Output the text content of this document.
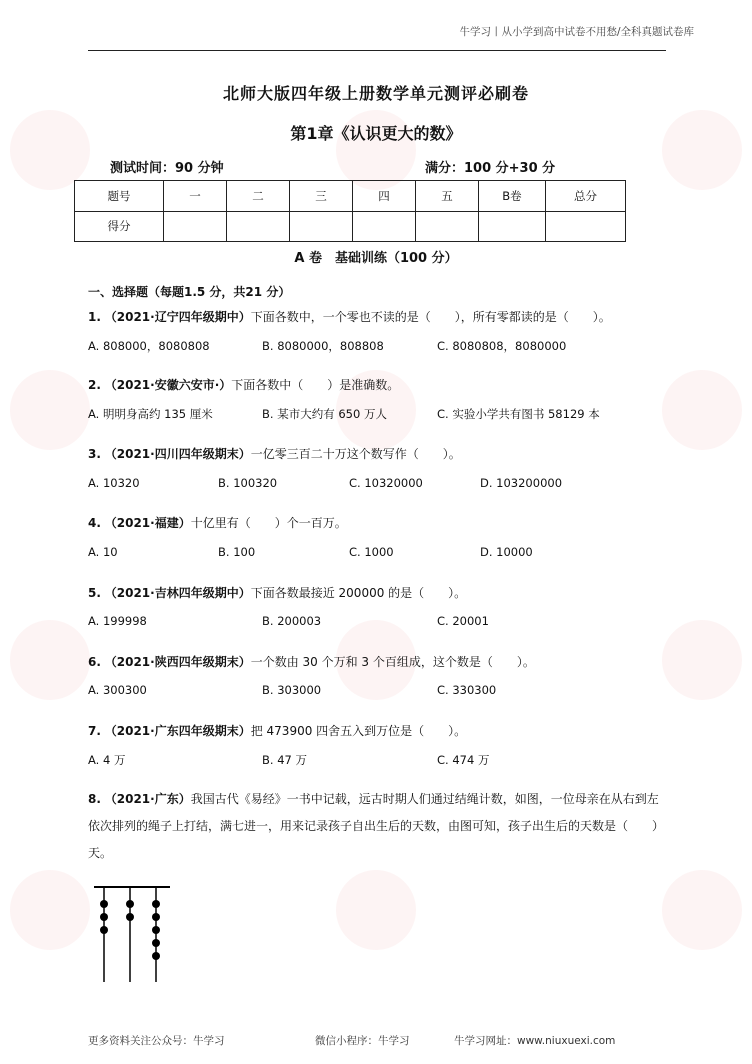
牛学习丨从小学到高中试卷不用愁/全科真题试卷库
北师大版四年级上册数学单元测评必刷卷
第1章《认识更大的数》
测试时间：90 分钟	满分：100 分+30 分
题号	一	二	三	四	五	B卷	总分
得分							
A 卷　基础训练（100 分）
一、选择题（每题1.5 分，共21 分）
1. （2021·辽宁四年级期中）下面各数中，一个零也不读的是（　　），所有零都读的是（　　）。
A. 808000，8080808	B. 8080000，808808	C. 8080808，8080000
2. （2021·安徽六安市·）下面各数中（　　）是准确数。
A. 明明身高约 135 厘米	B. 某市大约有 650 万人	C. 实验小学共有图书 58129 本
3. （2021·四川四年级期末）一亿零三百二十万这个数写作（　　）。
A. 10320	B. 100320	C. 10320000	D. 103200000
4. （2021·福建）十亿里有（　　）个一百万。
A. 10	B. 100	C. 1000	D. 10000
5. （2021·吉林四年级期中）下面各数最接近 200000 的是（　　）。
A. 199998	B. 200003	C. 20001
6. （2021·陕西四年级期末）一个数由 30 个万和 3 个百组成，这个数是（　　）。
A. 300300	B. 303000	C. 330300
7. （2021·广东四年级期末）把 473900 四舍五入到万位是（　　）。
A. 4 万	B. 47 万	C. 474 万
8. （2021·广东）我国古代《易经》一书中记载，远古时期人们通过结绳计数，如图，一位母亲在从右到左依次排列的绳子上打结，满七进一，用来记录孩子自出生后的天数，由图可知，孩子出生后的天数是（　　）天。
更多资料关注公众号：牛学习	微信小程序：牛学习	牛学习网址：www.niuxuexi.com
